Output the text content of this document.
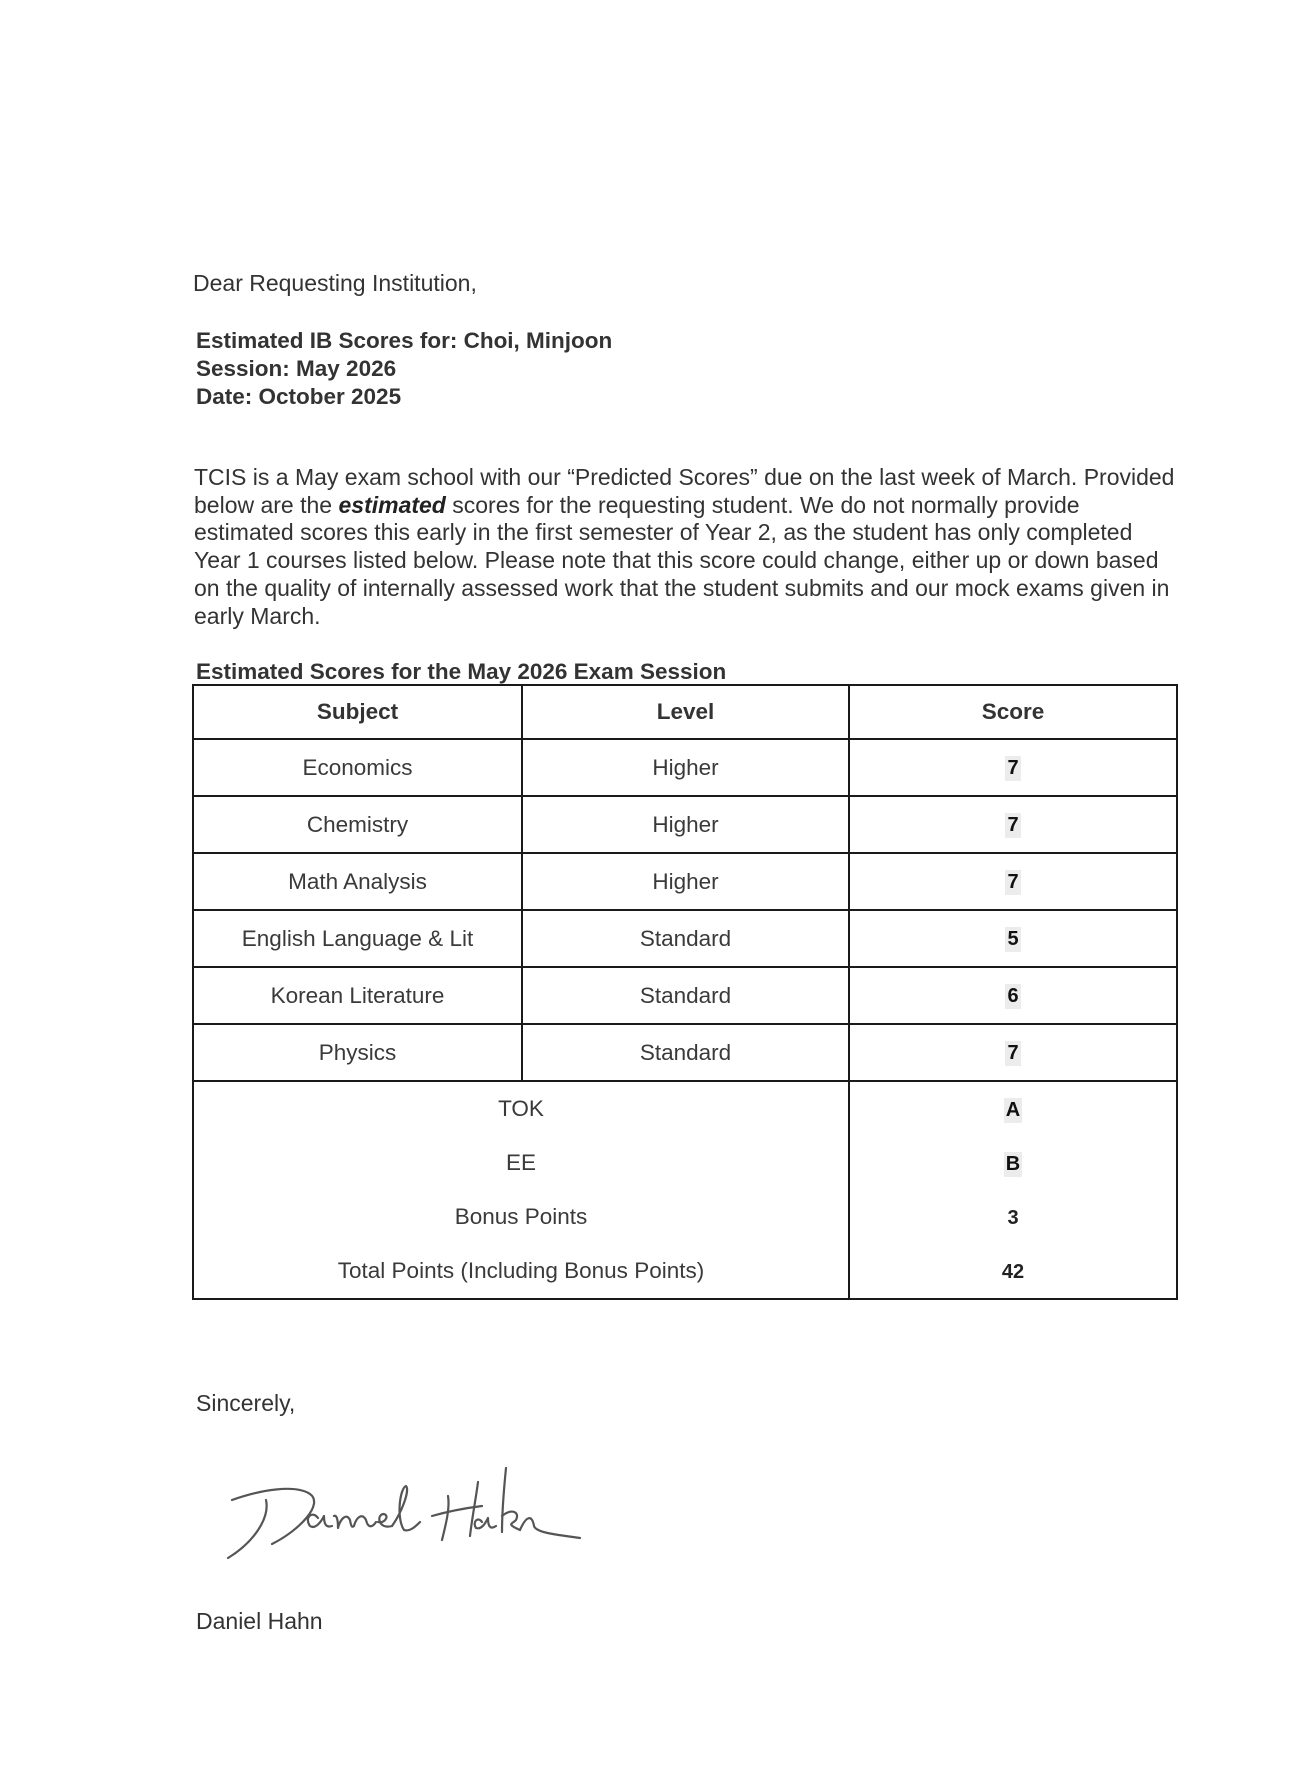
Dear Requesting Institution,
Estimated IB Scores for: Choi, Minjoon
Session: May 2026
Date: October 2025
TCIS is a May exam school with our “Predicted Scores” due on the last week of March. Provided
below are the estimated scores for the requesting student. We do not normally provide
estimated scores this early in the first semester of Year 2, as the student has only completed
Year 1 courses listed below. Please note that this score could change, either up or down based
on the quality of internally assessed work that the student submits and our mock exams given in
early March.
Estimated Scores for the May 2026 Exam Session
Subject	Level	Score
Economics	Higher	7
Chemistry	Higher	7
Math Analysis	Higher	7
English Language & Lit	Standard	5
Korean Literature	Standard	6
Physics	Standard	7
TOK		A
EE		B
Bonus Points		3
Total Points (Including Bonus Points)		42
Sincerely,
Daniel Hahn
